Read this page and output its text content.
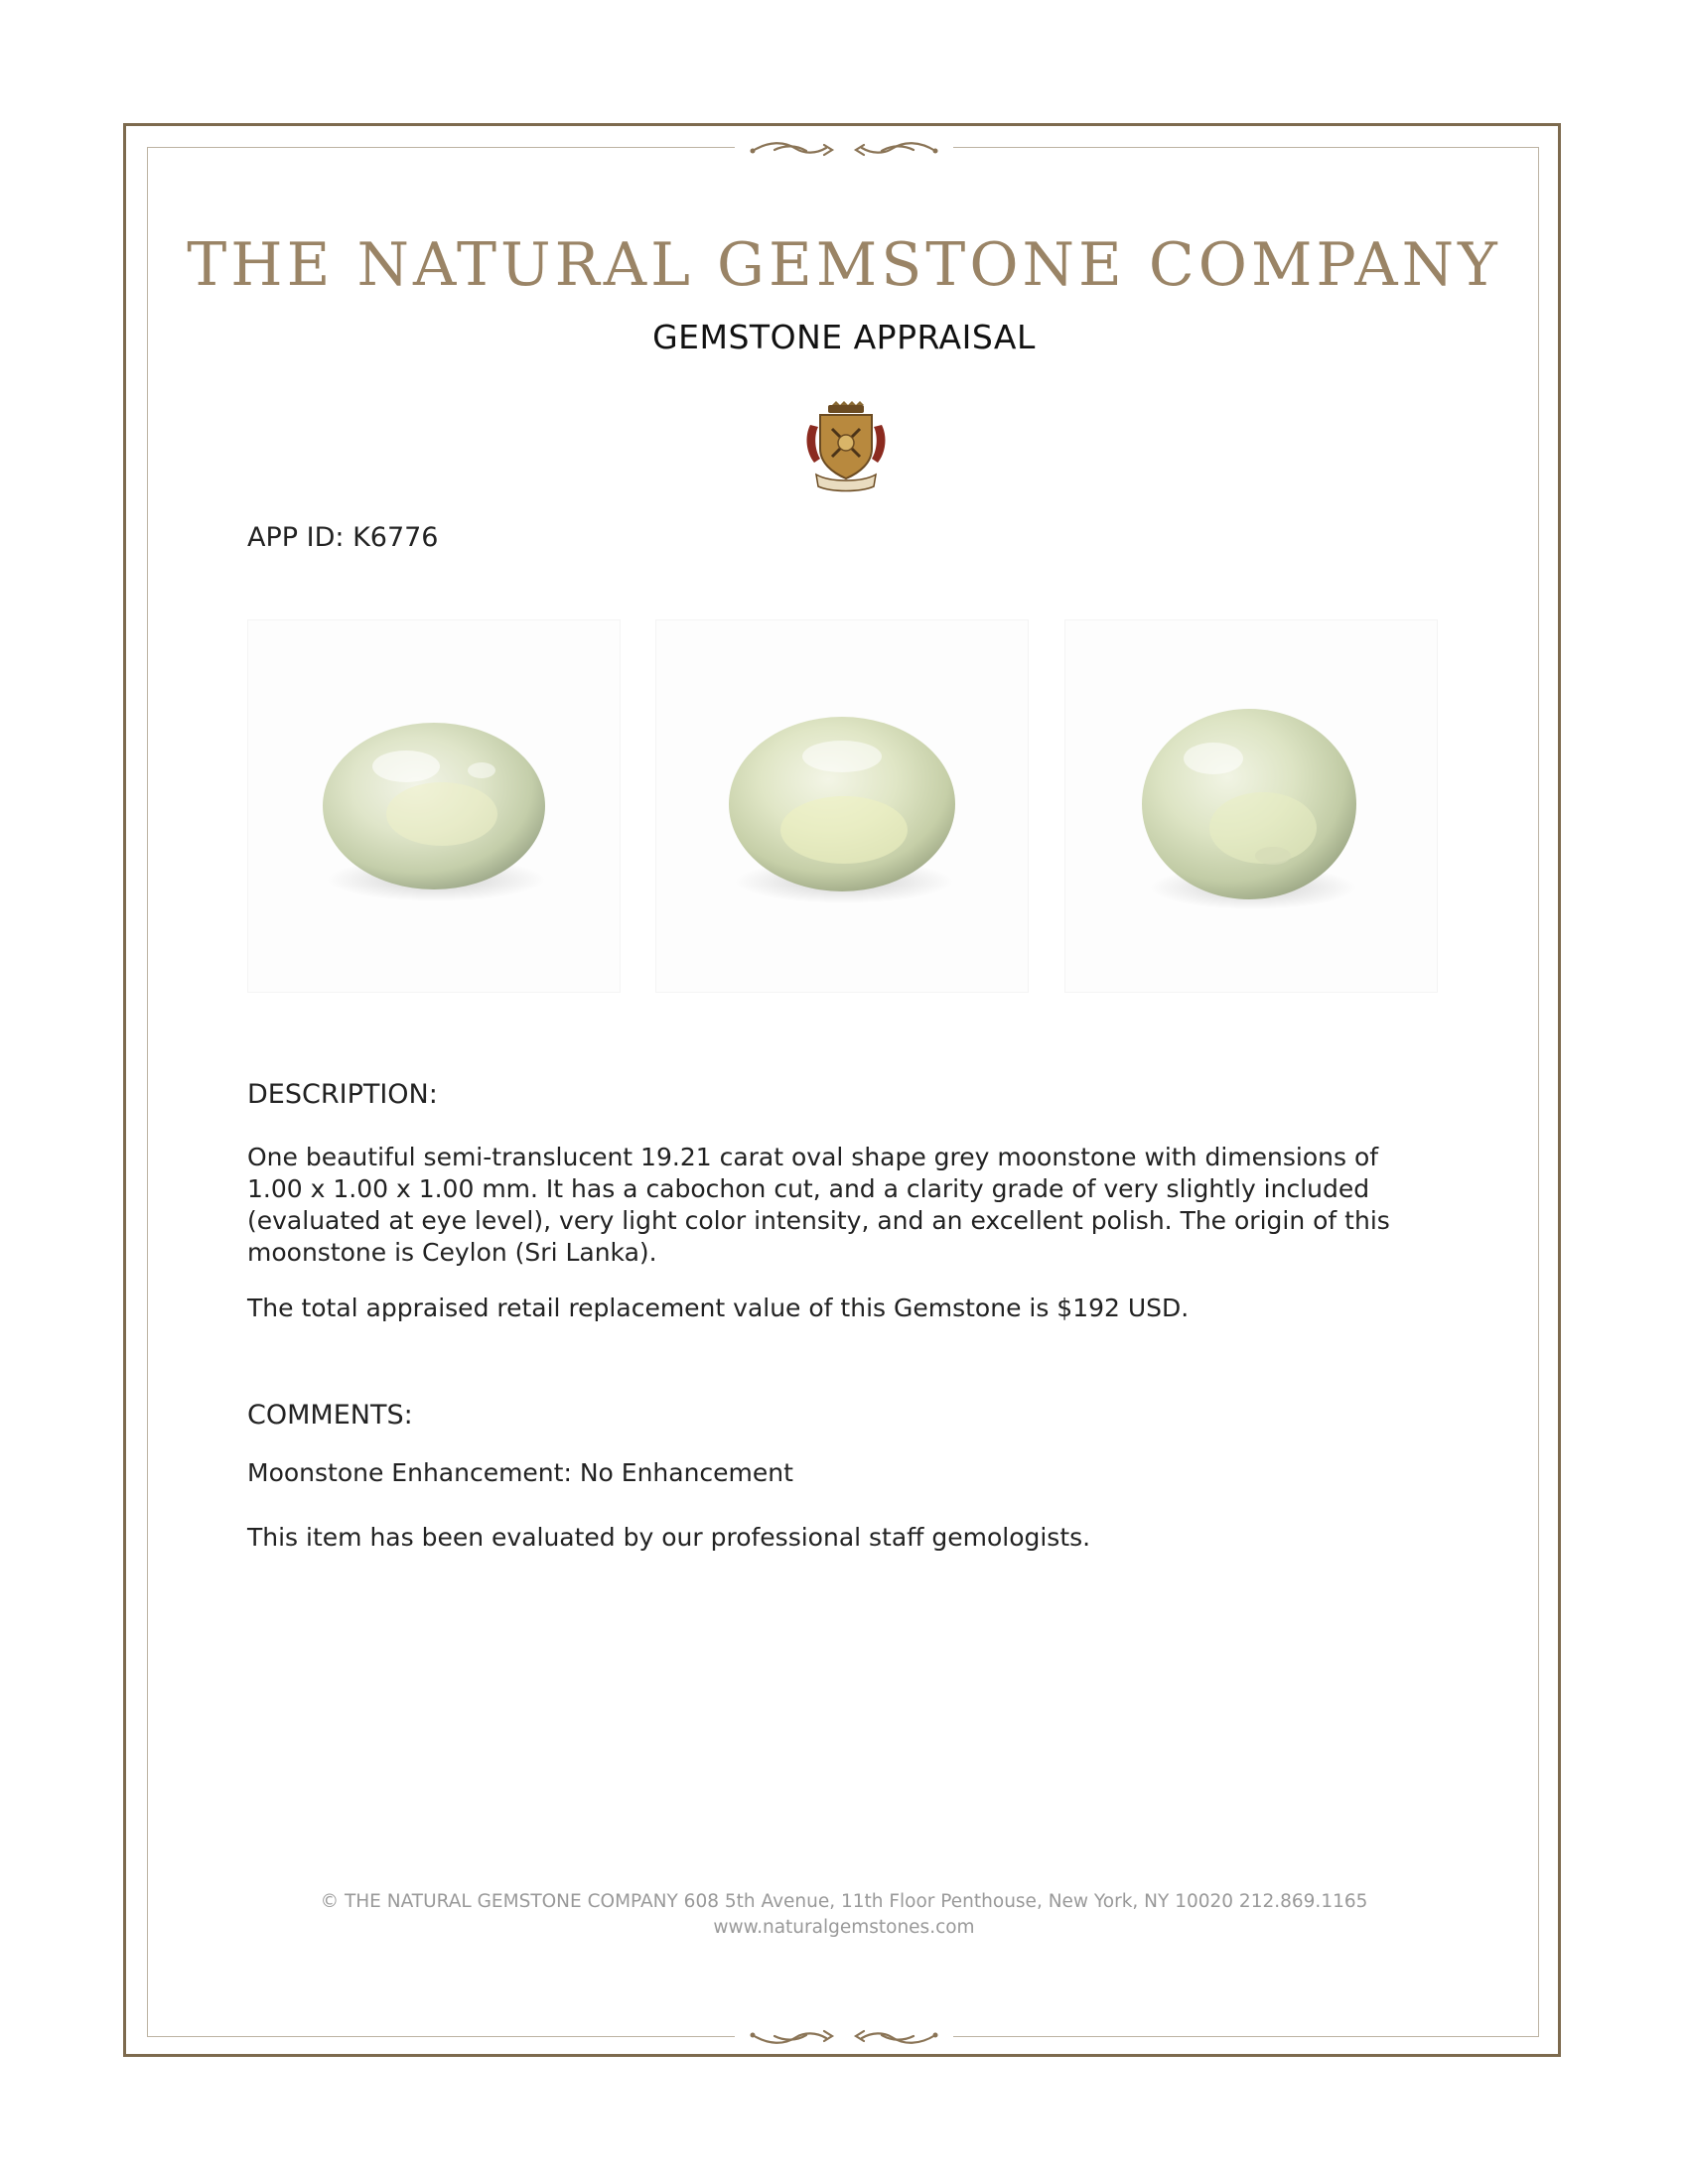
THE NATURAL GEMSTONE COMPANY
GEMSTONE APPRAISAL
APP ID: K6776
DESCRIPTION:

One beautiful semi-translucent 19.21 carat oval shape grey moonstone with dimensions of 1.00 x 1.00 x 1.00 mm. It has a cabochon cut, and a clarity grade of very slightly included (evaluated at eye level), very light color intensity, and an excellent polish. The origin of this moonstone is Ceylon (Sri Lanka).

The total appraised retail replacement value of this Gemstone is $192 USD.

COMMENTS:

Moonstone Enhancement: No Enhancement

This item has been evaluated by our professional staff gemologists.

© THE NATURAL GEMSTONE COMPANY 608 5th Avenue, 11th Floor Penthouse, New York, NY 10020 212.869.1165
www.naturalgemstones.com
